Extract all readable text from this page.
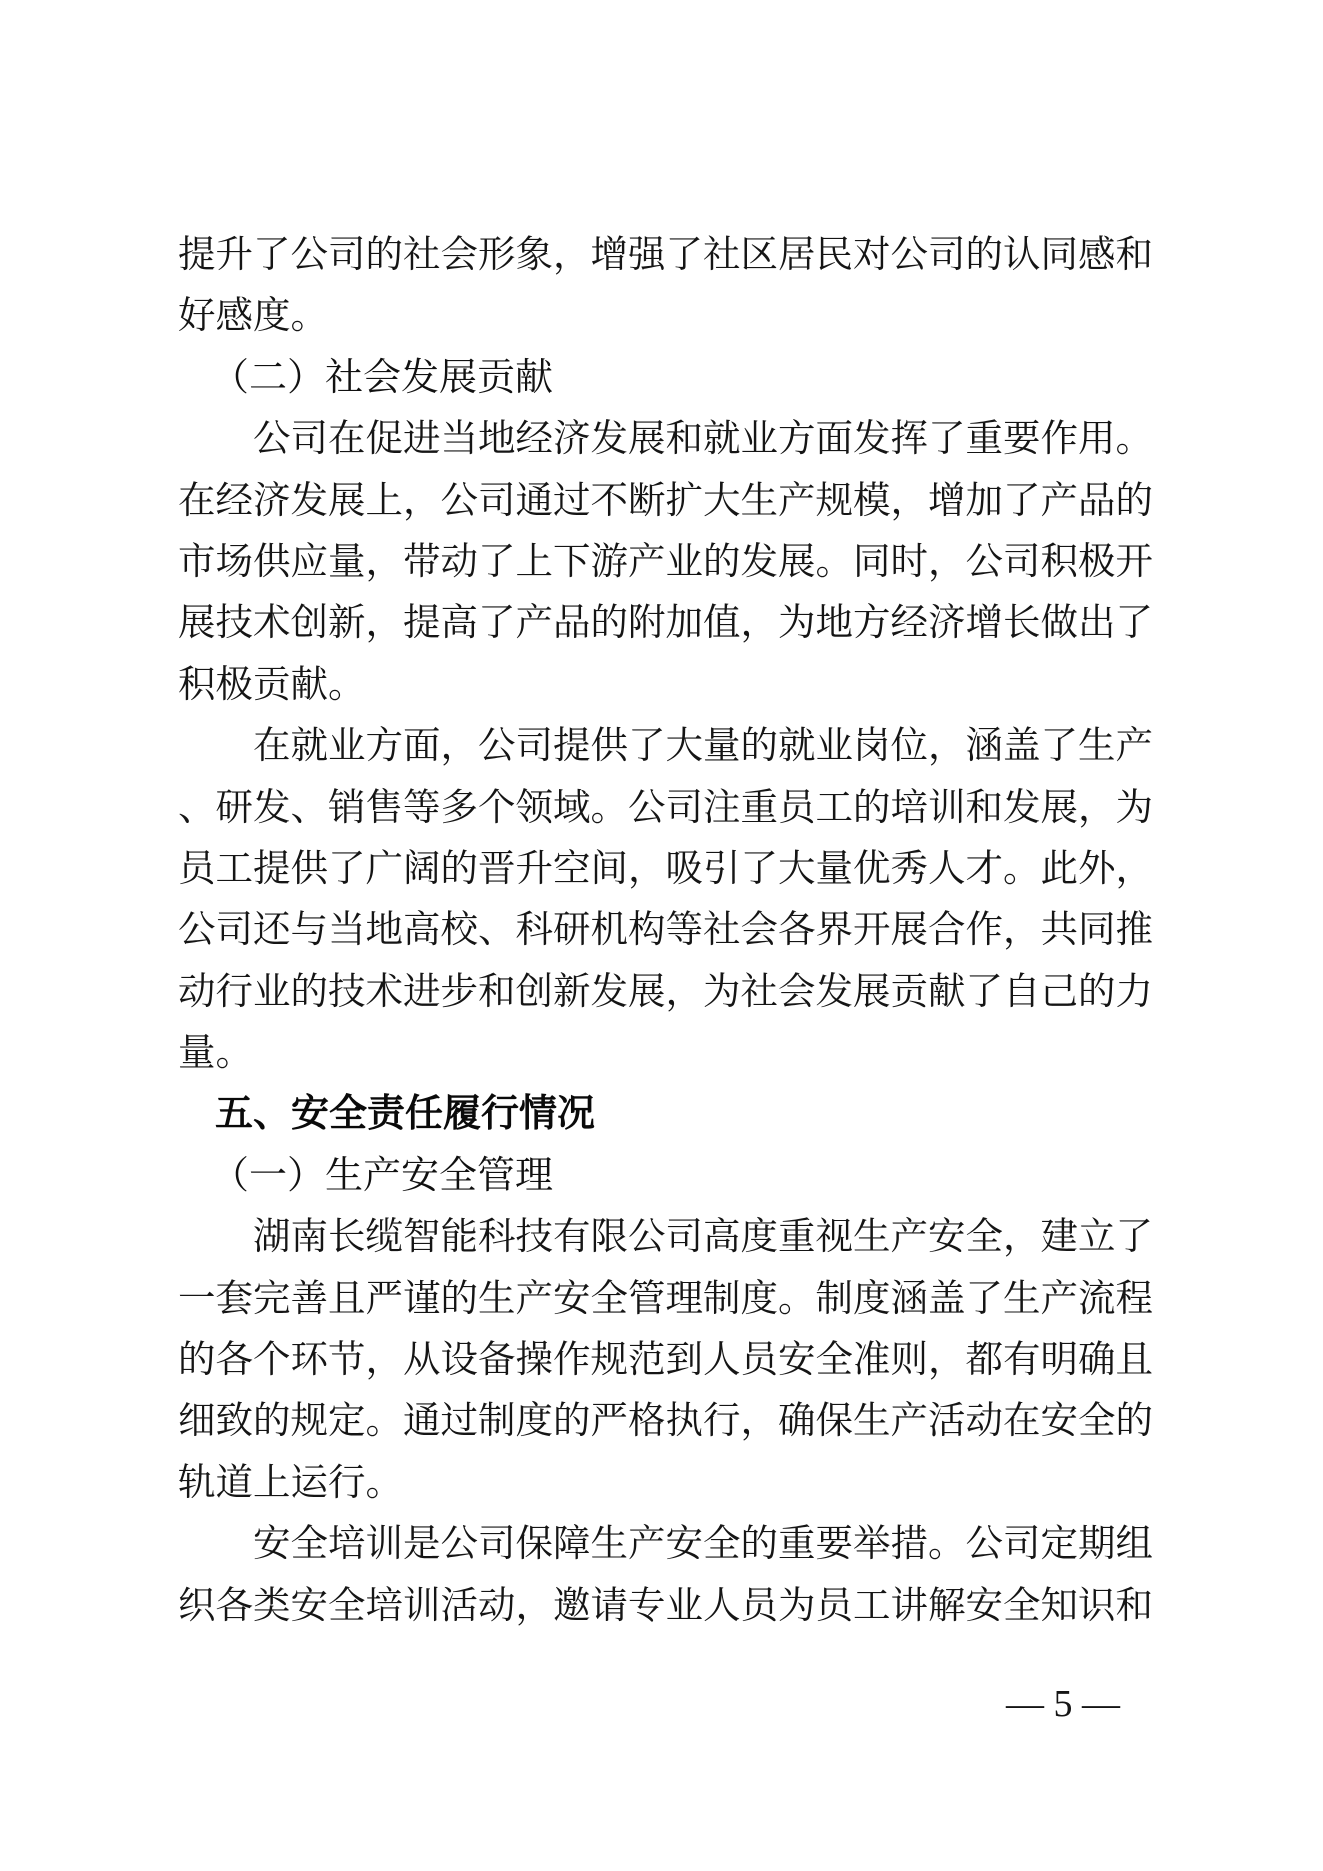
提升了公司的社会形象，增强了社区居民对公司的认同感和
好感度。
（二）社会发展贡献
公司在促进当地经济发展和就业方面发挥了重要作用。
在经济发展上，公司通过不断扩大生产规模，增加了产品的
市场供应量，带动了上下游产业的发展。同时，公司积极开
展技术创新，提高了产品的附加值，为地方经济增长做出了
积极贡献。
在就业方面，公司提供了大量的就业岗位，涵盖了生产
、研发、销售等多个领域。公司注重员工的培训和发展，为
员工提供了广阔的晋升空间，吸引了大量优秀人才。此外，
公司还与当地高校、科研机构等社会各界开展合作，共同推
动行业的技术进步和创新发展，为社会发展贡献了自己的力
量。
五、安全责任履行情况
（一）生产安全管理
湖南长缆智能科技有限公司高度重视生产安全，建立了
一套完善且严谨的生产安全管理制度。制度涵盖了生产流程
的各个环节，从设备操作规范到人员安全准则，都有明确且
细致的规定。通过制度的严格执行，确保生产活动在安全的
轨道上运行。
安全培训是公司保障生产安全的重要举措。公司定期组
织各类安全培训活动，邀请专业人员为员工讲解安全知识和
— 5 —
